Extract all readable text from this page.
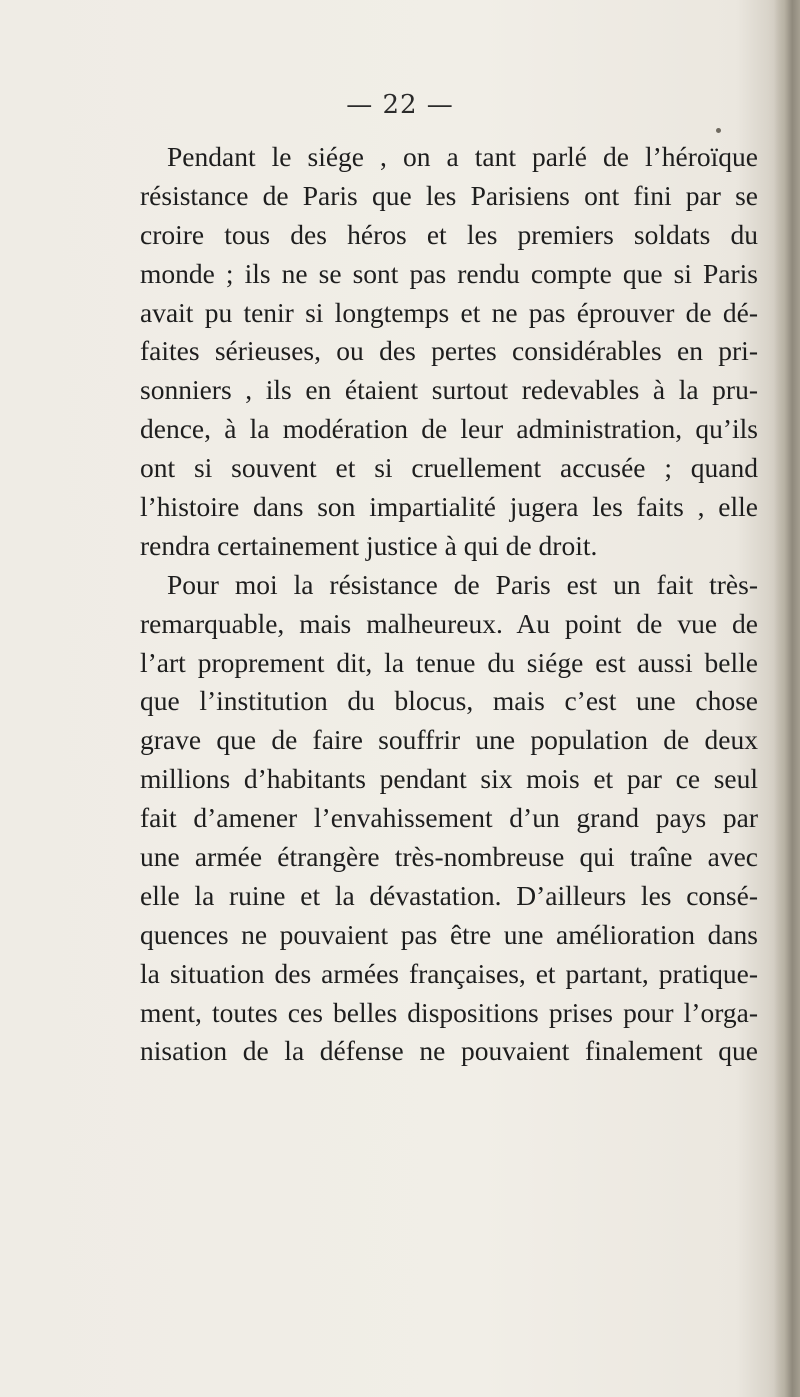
— 22 —
Pendant le siége , on a tant parlé de l’héroïque
résistance de Paris que les Parisiens ont fini par se
croire tous des héros et les premiers soldats du
monde ; ils ne se sont pas rendu compte que si Paris
avait pu tenir si longtemps et ne pas éprouver de dé-
faites sérieuses, ou des pertes considérables en pri-
sonniers , ils en étaient surtout redevables à la pru-
dence, à la modération de leur administration, qu’ils
ont si souvent et si cruellement accusée ; quand
l’histoire dans son impartialité jugera les faits , elle
rendra certainement justice à qui de droit.
Pour moi la résistance de Paris est un fait très-
remarquable, mais malheureux. Au point de vue de
l’art proprement dit, la tenue du siége est aussi belle
que l’institution du blocus, mais c’est une chose
grave que de faire souffrir une population de deux
millions d’habitants pendant six mois et par ce seul
fait d’amener l’envahissement d’un grand pays par
une armée étrangère très-nombreuse qui traîne avec
elle la ruine et la dévastation. D’ailleurs les consé-
quences ne pouvaient pas être une amélioration dans
la situation des armées françaises, et partant, pratique-
ment, toutes ces belles dispositions prises pour l’orga-
nisation de la défense ne pouvaient finalement que
